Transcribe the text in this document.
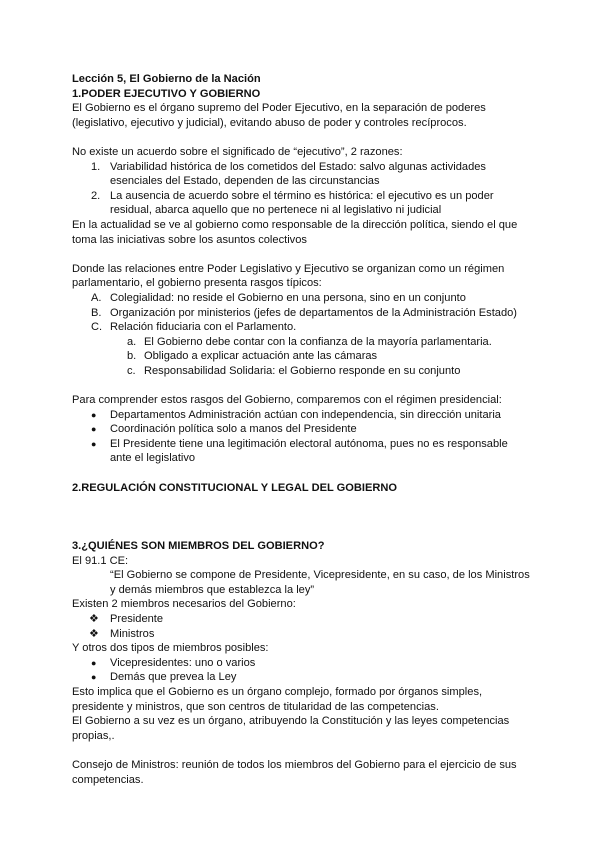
Lección 5, El Gobierno de la Nación

1.PODER EJECUTIVO Y GOBIERNO

El Gobierno es el órgano supremo del Poder Ejecutivo, en la separación de poderes (legislativo, ejecutivo y judicial), evitando abuso de poder y controles recíprocos.

No existe un acuerdo sobre el significado de “ejecutivo”, 2 razones:

1. Variabilidad histórica de los cometidos del Estado: salvo algunas actividades esenciales del Estado, dependen de las circunstancias
2. La ausencia de acuerdo sobre el término es histórica: el ejecutivo es un poder residual, abarca aquello que no pertenece ni al legislativo ni judicial

En la actualidad se ve al gobierno como responsable de la dirección política, siendo el que toma las iniciativas sobre los asuntos colectivos

Donde las relaciones entre Poder Legislativo y Ejecutivo se organizan como un régimen parlamentario, el gobierno presenta rasgos típicos:

A. Colegialidad: no reside el Gobierno en una persona, sino en un conjunto
B. Organización por ministerios (jefes de departamentos de la Administración Estado)
C. Relación fiduciaria con el Parlamento.
a. El Gobierno debe contar con la confianza de la mayoría parlamentaria.
b. Obligado a explicar actuación ante las cámaras
c. Responsabilidad Solidaria: el Gobierno responde en su conjunto

Para comprender estos rasgos del Gobierno, comparemos con el régimen presidencial:

● Departamentos Administración actúan con independencia, sin dirección unitaria
● Coordinación política solo a manos del Presidente
● El Presidente tiene una legitimación electoral autónoma, pues no es responsable ante el legislativo

2.REGULACIÓN CONSTITUCIONAL Y LEGAL DEL GOBIERNO

3.¿QUIÉNES SON MIEMBROS DEL GOBIERNO?

El 91.1 CE:

“El Gobierno se compone de Presidente, Vicepresidente, en su caso, de los Ministros y demás miembros que establezca la ley”

Existen 2 miembros necesarios del Gobierno:

❖ Presidente
❖ Ministros

Y otros dos tipos de miembros posibles:

● Vicepresidentes: uno o varios
● Demás que prevea la Ley

Esto implica que el Gobierno es un órgano complejo, formado por órganos simples, presidente y ministros, que son centros de titularidad de las competencias.

El Gobierno a su vez es un órgano, atribuyendo la Constitución y las leyes competencias propias,.

Consejo de Ministros: reunión de todos los miembros del Gobierno para el ejercicio de sus competencias.
